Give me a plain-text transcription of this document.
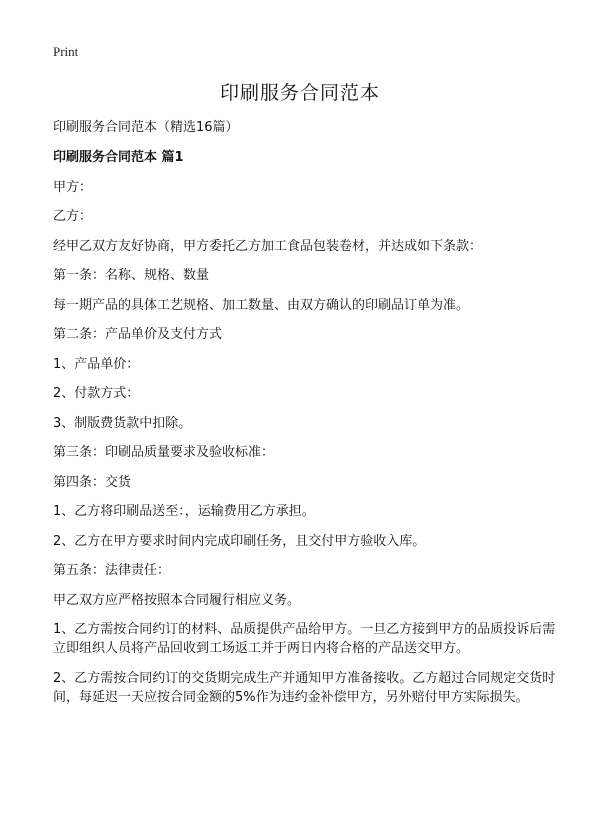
Print
印刷服务合同范本

印刷服务合同范本（精选16篇）

印刷服务合同范本 篇1

甲方：

乙方：

经甲乙双方友好协商，甲方委托乙方加工食品包装卷材，并达成如下条款：

第一条：名称、规格、数量

每一期产品的具体工艺规格、加工数量、由双方确认的印刷品订单为准。

第二条：产品单价及支付方式

1、产品单价：

2、付款方式：

3、制版费货款中扣除。

第三条：印刷品质量要求及验收标准：

第四条：交货

1、乙方将印刷品送至：，运输费用乙方承担。

2、乙方在甲方要求时间内完成印刷任务，且交付甲方验收入库。

第五条：法律责任：

甲乙双方应严格按照本合同履行相应义务。

1、乙方需按合同约订的材料、品质提供产品给甲方。一旦乙方接到甲方的品质投诉后需立即组织人员将产品回收到工场返工并于两日内将合格的产品送交甲方。

2、乙方需按合同约订的交货期完成生产并通知甲方准备接收。乙方超过合同规定交货时间，每延迟一天应按合同金额的5%作为违约金补偿甲方，另外赔付甲方实际损失。
